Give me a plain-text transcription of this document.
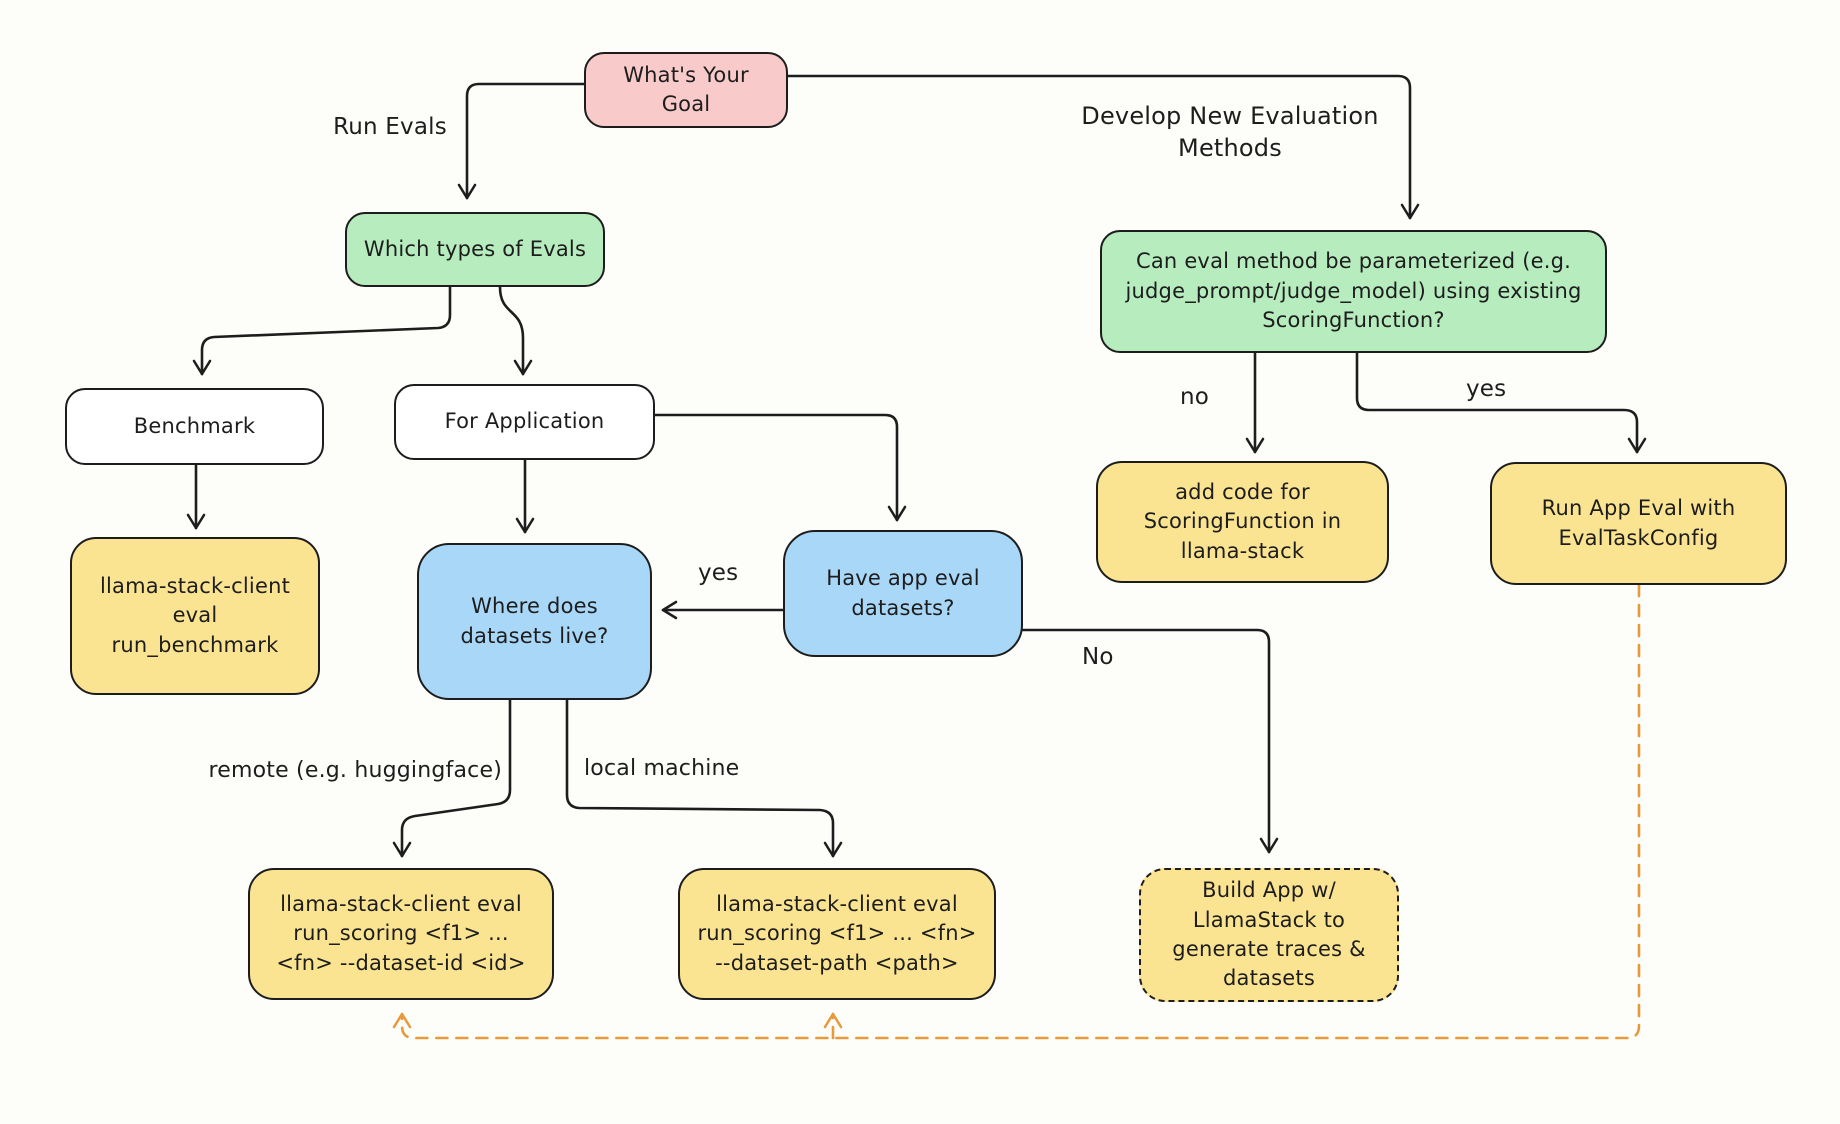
What's Your Goal
Which types of Evals
Benchmark	For Application
llama-stack-client eval run_benchmark
Where does datasets live?
Have app eval datasets?
Can eval method be parameterized (e.g. judge_prompt/judge_model) using existing ScoringFunction?
add code for ScoringFunction in llama-stack
Run App Eval with EvalTaskConfig
llama-stack-client eval run_scoring <f1> ... <fn> --dataset-id <id>
llama-stack-client eval run_scoring <f1> ... <fn> --dataset-path <path>
Build App w/ LlamaStack to generate traces & datasets
Run Evals	Develop New Evaluation Methods
no	yes
yes
No
remote (e.g. huggingface)	local machine
